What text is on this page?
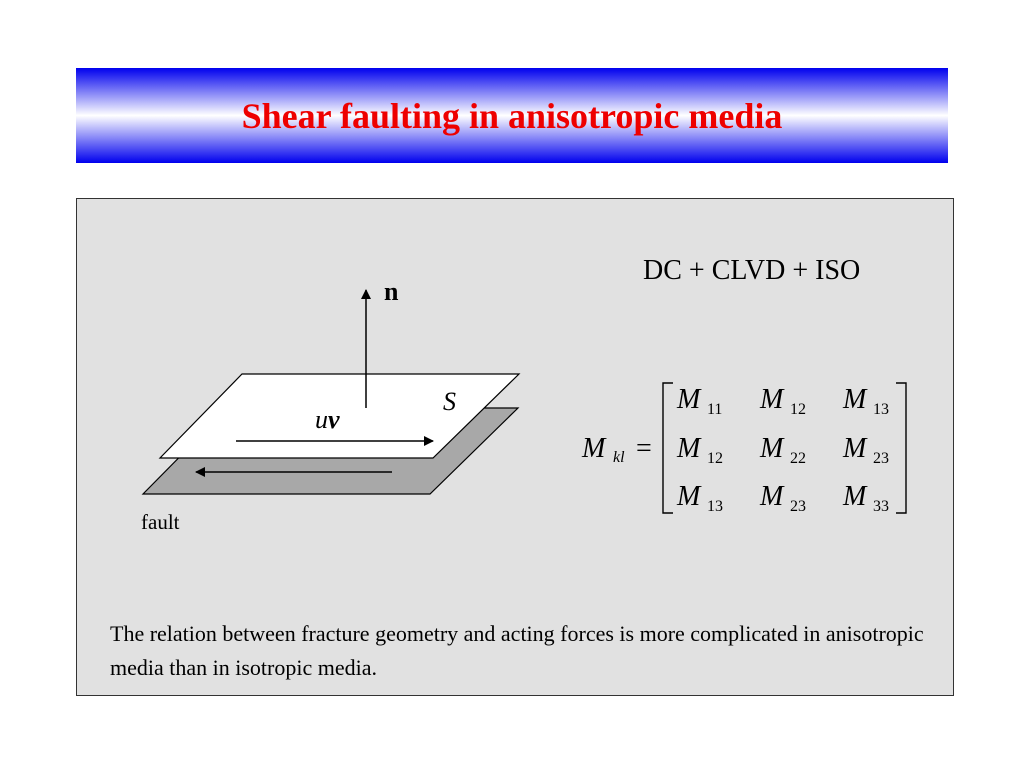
Shear faulting in anisotropic media
DC + CLVD + ISO
n
S
uν
fault
M kl =
M 11 M 12 M 13
M 12 M 22 M 23
M 13 M 23 M 33
The relation between fracture geometry and acting forces is more complicated in anisotropic media than in isotropic media.
